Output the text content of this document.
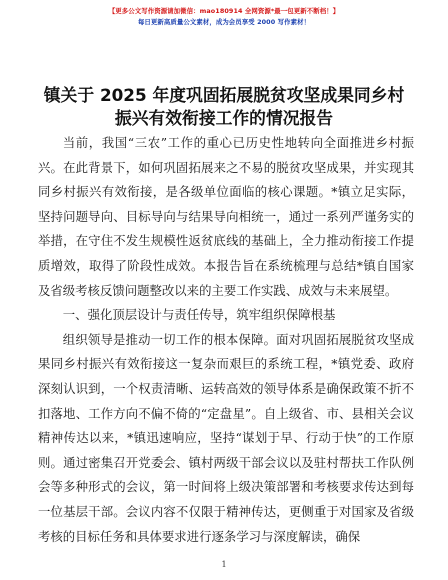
【更多公文写作资源请加微信：mao180914 全网资源*最一包更新不断档！】
每日更新高质量公文素材，成为会员享受 2000 写作素材！
镇关于 2025 年度巩固拓展脱贫攻坚成果同乡村
振兴有效衔接工作的情况报告

当前，我国“三农”工作的重心已历史性地转向全面推进乡村振兴。在此背景下，如何巩固拓展来之不易的脱贫攻坚成果，并实现其同乡村振兴有效衔接，是各级单位面临的核心课题。*镇立足实际，坚持问题导向、目标导向与结果导向相统一，通过一系列严谨务实的举措，在守住不发生规模性返贫底线的基础上，全力推动衔接工作提质增效，取得了阶段性成效。本报告旨在系统梳理与总结*镇自国家及省级考核反馈问题整改以来的主要工作实践、成效与未来展望。

一、强化顶层设计与责任传导，筑牢组织保障根基

组织领导是推动一切工作的根本保障。面对巩固拓展脱贫攻坚成果同乡村振兴有效衔接这一复杂而艰巨的系统工程，*镇党委、政府深刻认识到，一个权责清晰、运转高效的领导体系是确保政策不折不扣落地、工作方向不偏不倚的“定盘星”。自上级省、市、县相关会议精神传达以来，*镇迅速响应，坚持“谋划于早、行动于快”的工作原则。通过密集召开党委会、镇村两级干部会议以及驻村帮扶工作队例会等多种形式的会议，第一时间将上级决策部署和考核要求传达到每一位基层干部。会议内容不仅限于精神传达，更侧重于对国家及省级考核的目标任务和具体要求进行逐条学习与深度解读，确保

1
